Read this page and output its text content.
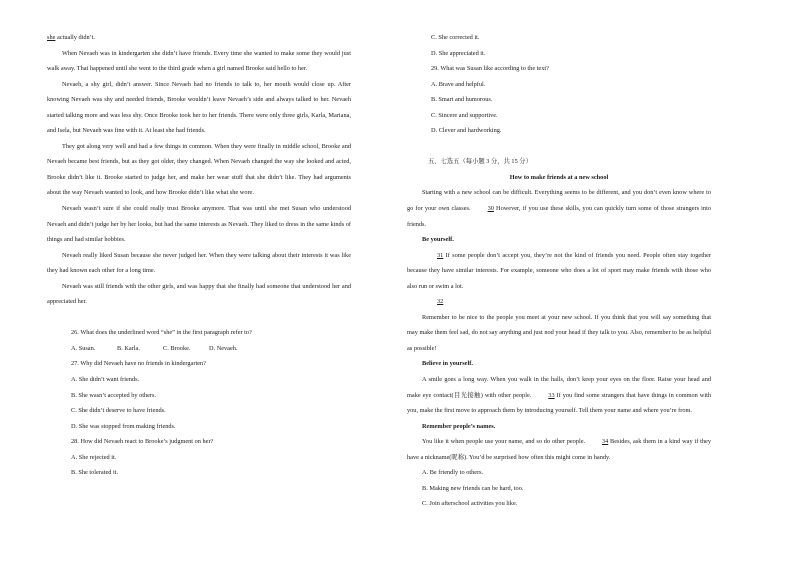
she actually didn’t.
When Nevaeh was in kindergarten she didn’t have friends. Every time she wanted to make some they would just walk away. That happened until she went to the third grade when a girl named Brooke said hello to her.
Nevaeh, a shy girl, didn’t answer. Since Nevaeh had no friends to talk to, her mouth would close up. After knowing Nevaeh was shy and needed friends, Brooke wouldn’t leave Nevaeh’s side and always talked to her. Nevaeh started talking more and was less shy. Once Brooke took her to her friends. There were only three girls, Karla, Mariana, and Isela, but Nevaeh was fine with it. At least she had friends.
They got along very well and had a few things in common. When they were finally in middle school, Brooke and Nevaeh became best friends, but as they got older, they changed. When Nevaeh changed the way she looked and acted, Brooke didn’t like it. Brooke started to judge her, and make her wear stuff that she didn’t like. They had arguments about the way Nevaeh wanted to look, and how Brooke didn’t like what she wore.
Nevaeh wasn’t sure if she could really trust Brooke anymore. That was until she met Susan who understood Nevaeh and didn’t judge her by her looks, but had the same interests as Nevaeh. They liked to dress in the same kinds of things and had similar hobbies.
Nevaeh really liked Susan because she never judged her. When they were talking about their interests it was like they had known each other for a long time.
Nevaeh was still friends with the other girls, and was happy that she finally had someone that understood her and appreciated her.
26. What does the underlined word “she” in the first paragraph refer to?
A. Susan.	B. Karla.	C. Brooke.	D. Nevaeh.
27. Why did Nevaeh have no friends in kindergarten?
A. She didn’t want friends.
B. She wasn’t accepted by others.
C. She didn’t deserve to have friends.
D. She was stopped from making friends.
28. How did Nevaeh react to Brooke’s judgment on her?
A. She rejected it.
B. She tolerated it.
C. She corrected it.
D. She appreciated it.
29. What was Susan like according to the text?
A. Brave and helpful.
B. Smart and humorous.
C. Sincere and supportive.
D. Clever and hardworking.
五、七选五（每小题 3 分，共 15 分）
How to make friends at a new school
Starting with a new school can be difficult. Everything seems to be different, and you don’t even know where to go for your own classes. 30 However, if you use these skills, you can quickly turn some of those strangers into friends.
Be yourself.
31 If some people don’t accept you, they’re not the kind of friends you need. People often stay together because they have similar interests. For example, someone who does a lot of sport may make friends with those who also run or swim a lot.
32
Remember to be nice to the people you meet at your new school. If you think that you will say something that may make them feel sad, do not say anything and just nod your head if they talk to you. Also, remember to be as helpful as possible!
Believe in yourself.
A smile goes a long way. When you walk in the halls, don’t keep your eyes on the floor. Raise your head and make eye contact(目光接触) with other people. 33 If you find some strangers that have things in common with you, make the first move to approach them by introducing yourself. Tell them your name and where you’re from.
Remember people’s names.
You like it when people use your name, and so do other people. 34 Besides, ask them in a kind way if they have a nickname(昵称). You’d be surprised how often this might come in handy.
A. Be friendly to others.
B. Making new friends can be hard, too.
C. Join afterschool activities you like.
